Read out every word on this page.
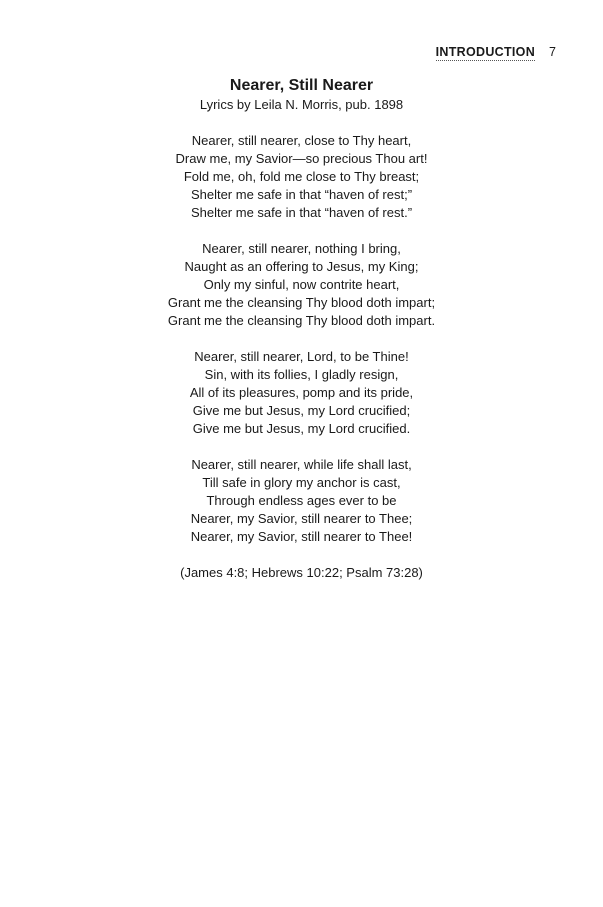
INTRODUCTION 7
Nearer, Still Nearer
Lyrics by Leila N. Morris, pub. 1898
Nearer, still nearer, close to Thy heart,
Draw me, my Savior—so precious Thou art!
Fold me, oh, fold me close to Thy breast;
Shelter me safe in that “haven of rest;”
Shelter me safe in that “haven of rest.”
Nearer, still nearer, nothing I bring,
Naught as an offering to Jesus, my King;
Only my sinful, now contrite heart,
Grant me the cleansing Thy blood doth impart;
Grant me the cleansing Thy blood doth impart.
Nearer, still nearer, Lord, to be Thine!
Sin, with its follies, I gladly resign,
All of its pleasures, pomp and its pride,
Give me but Jesus, my Lord crucified;
Give me but Jesus, my Lord crucified.
Nearer, still nearer, while life shall last,
Till safe in glory my anchor is cast,
Through endless ages ever to be
Nearer, my Savior, still nearer to Thee;
Nearer, my Savior, still nearer to Thee!
(James 4:8; Hebrews 10:22; Psalm 73:28)
